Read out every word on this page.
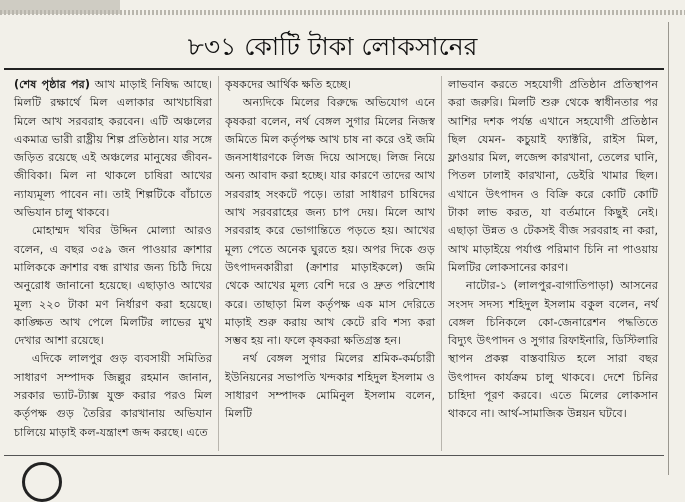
৮৩১ কোটি টাকা লোকসানের

(শেষ পৃষ্ঠার পর) আখ মাড়াই নিষিদ্ধ আছে। মিলটি রক্ষার্থে মিল এলাকার আখচাষিরা মিলে আখ সরবরাহ করবেন। এটি অঞ্চলের একমাত্র ভারী রাষ্ট্রীয় শিল্প প্রতিষ্ঠান। যার সঙ্গে জড়িত রয়েছে এই অঞ্চলের মানুষের জীবন-জীবিকা। মিল না থাকলে চাষিরা আখের ন্যায্যমূল্য পাবেন না। তাই শিল্পটিকে বাঁচাতে অভিযান চালু থাকবে।

মোহাম্মদ খবির উদ্দিন মোল্যা আরও বলেন, এ বছর ৩৫৯ জন পাওয়ার ক্রাশার মালিককে ক্রাশার বন্ধ রাখার জন্য চিঠি দিয়ে অনুরোধ জানানো হয়েছে। এছাড়াও আখের মূল্য ২২০ টাকা মণ নির্ধারণ করা হয়েছে। কাঙ্ক্ষিত আখ পেলে মিলটির লাভের মুখ দেখার আশা রয়েছে।

এদিকে লালপুর গুড় ব্যবসায়ী সমিতির সাধারণ সম্পাদক জিল্লুর রহমান জানান, সরকার ভ্যাট-ট্যাক্স যুক্ত করার পরও মিল কর্তৃপক্ষ গুড় তৈরির কারখানায় অভিযান চালিয়ে মাড়াই কল-যন্ত্রাংশ জব্দ করছে। এতে

কৃষকদের আর্থিক ক্ষতি হচ্ছে।

অন্যদিকে মিলের বিরুদ্ধে অভিযোগ এনে কৃষকরা বলেন, নর্থ বেঙ্গল সুগার মিলের নিজস্ব জমিতে মিল কর্তৃপক্ষ আখ চাষ না করে ওই জমি জনসাধারণকে লিজ দিয়ে আসছে। লিজ নিয়ে অন্য আবাদ করা হচ্ছে। যার কারণে তাদের আখ সরবরাহ সংকটে পড়ে। তারা সাধারণ চাষিদের আখ সরবরাহের জন্য চাপ দেয়। মিলে আখ সরবরাহ করে ভোগান্তিতে পড়তে হয়। আখের মূল্য পেতে অনেক ঘুরতে হয়। অপর দিকে গুড় উৎপাদনকারীরা (ক্রাশার মাড়াইকলে) জমি থেকে আখের মূল্য বেশি দরে ও দ্রুত পরিশোধ করে। তাছাড়া মিল কর্তৃপক্ষ এক মাস দেরিতে মাড়াই শুরু করায় আখ কেটে রবি শস্য করা সম্ভব হয় না। ফলে কৃষকরা ক্ষতিগ্রস্ত হন।

নর্থ বেঙ্গল সুগার মিলের শ্রমিক-কর্মচারী ইউনিয়নের সভাপতি খন্দকার শহিদুল ইসলাম ও সাধারণ সম্পাদক মোমিনুল ইসলাম বলেন, মিলটি

লাভবান করতে সহযোগী প্রতিষ্ঠান প্রতিস্থাপন করা জরুরি। মিলটি শুরু থেকে স্বাধীনতার পর আশির দশক পর্যন্ত এখানে সহযোগী প্রতিষ্ঠান ছিল যেমন- কচুয়াই ফ্যাক্টরি, রাইস মিল, ফ্লাওয়ার মিল, লজেন্স কারখানা, তেলের ঘানি, পিতল ঢালাই কারখানা, ডেইরি খামার ছিল। এখানে উৎপাদন ও বিক্রি করে কোটি কোটি টাকা লাভ করত, যা বর্তমানে কিছুই নেই। এছাড়া উন্নত ও টেকসই বীজ সরবরাহ না করা, আখ মাড়াইয়ে পর্যাপ্ত পরিমাণ চিনি না পাওয়ায় মিলটির লোকসানের কারণ।

নাটোর-১ (লালপুর-বাগাতিপাড়া) আসনের সংসদ সদস্য শহিদুল ইসলাম বকুল বলেন, নর্থ বেঙ্গল চিনিকলে কো-জেনারেশন পদ্ধতিতে বিদ্যুৎ উৎপাদন ও সুগার রিফাইনারি, ডিস্টিলারি স্থাপন প্রকল্প বাস্তবায়িত হলে সারা বছর উৎপাদন কার্যক্রম চালু থাকবে। দেশে চিনির চাহিদা পূরণ করবে। এতে মিলের লোকসান থাকবে না। আর্থ-সামাজিক উন্নয়ন ঘটবে।
